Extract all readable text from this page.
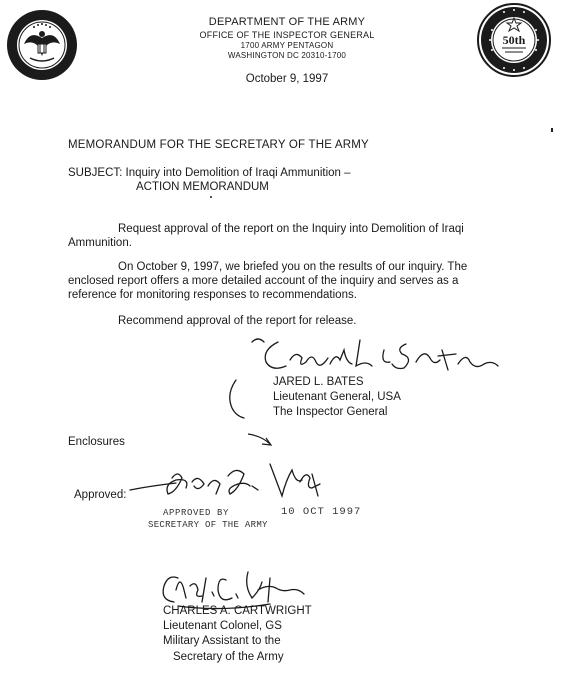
50th
DEPARTMENT OF THE ARMY
OFFICE OF THE INSPECTOR GENERAL
1700 ARMY PENTAGON
WASHINGTON DC 20310-1700
October 9, 1997
MEMORANDUM FOR THE SECRETARY OF THE ARMY
SUBJECT: Inquiry into Demolition of Iraqi Ammunition –
ACTION MEMORANDUM
Request approval of the report on the Inquiry into Demolition of Iraqi
Ammunition.
On October 9, 1997, we briefed you on the results of our inquiry. The
enclosed report offers a more detailed account of the inquiry and serves as a
reference for monitoring responses to recommendations.
Recommend approval of the report for release.
JARED L. BATES
Lieutenant General, USA
The Inspector General
Enclosures
Approved:
APPROVED BY
SECRETARY OF THE ARMY
10 OCT 1997
CHARLES A. CARTWRIGHT
Lieutenant Colonel, GS
Military Assistant to the
Secretary of the Army
